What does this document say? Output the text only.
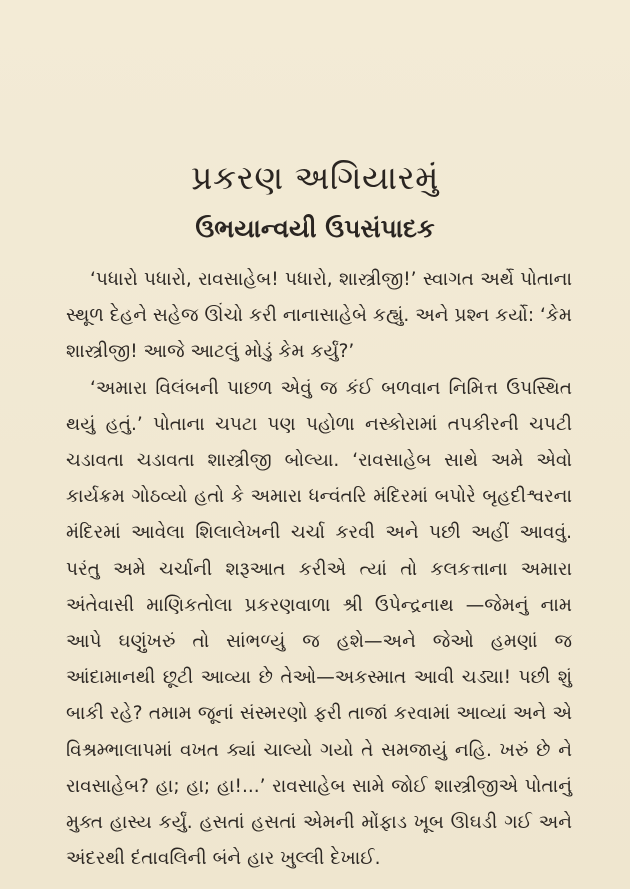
પ્રકરણ અગિયારમું
ઉભયાન્વયી ઉપસંપાદક

‘પધારો પધારો, રાવસાહેબ! પધારો, શાસ્ત્રીજી!’ સ્વાગત અર્થે પોતાના સ્થૂળ દેહને સહેજ ઊંચો કરી નાનાસાહેબે કહ્યું. અને પ્રશ્ન કર્યો: ‘કેમ શાસ્ત્રીજી! આજે આટલું મોડું કેમ કર્યું?’

‘અમારા વિલંબની પાછળ એવું જ કંઈ બળવાન નિમિત્ત ઉપસ્થિત થયું હતું.’ પોતાના ચપટા પણ પહોળા નસ્કોરામાં તપકીરની ચપટી ચડાવતા ચડાવતા શાસ્ત્રીજી બોલ્યા. ‘રાવસાહેબ સાથે અમે એવો કાર્યક્રમ ગોઠવ્યો હતો કે અમારા ધન્વંતરિ મંદિરમાં બપોરે બૃહદીશ્વરના મંદિરમાં આવેલા શિલાલેખની ચર્ચા કરવી અને પછી અહીં આવવું. પરંતુ અમે ચર્ચાની શરૂઆત કરીએ ત્યાં તો કલકત્તાના અમારા અંતેવાસી માણિકતોલા પ્રકરણવાળા શ્રી ઉપેન્દ્રનાથ —જેમનું નામ આપે ઘણુંખરું તો સાંભળ્યું જ હશે—અને જેઓ હમણાં જ આંદામાનથી છૂટી આવ્યા છે તેઓ—અકસ્માત આવી ચડ્યા! પછી શું બાકી રહે? તમામ જૂનાં સંસ્મરણો ફરી તાજાં કરવામાં આવ્યાં અને એ વિશ્રમ્ભાલાપમાં વખત ક્યાં ચાલ્યો ગયો તે સમજાયું નહિ. ખરું છે ને રાવસાહેબ? હા; હા; હા!...’ રાવસાહેબ સામે જોઈ શાસ્ત્રીજીએ પોતાનું મુક્ત હાસ્ય કર્યું. હસતાં હસતાં એમની મોંફાડ ખૂબ ઊઘડી ગઈ અને અંદરથી દંતાવલિની બંને હાર ખુલ્લી દેખાઈ.
